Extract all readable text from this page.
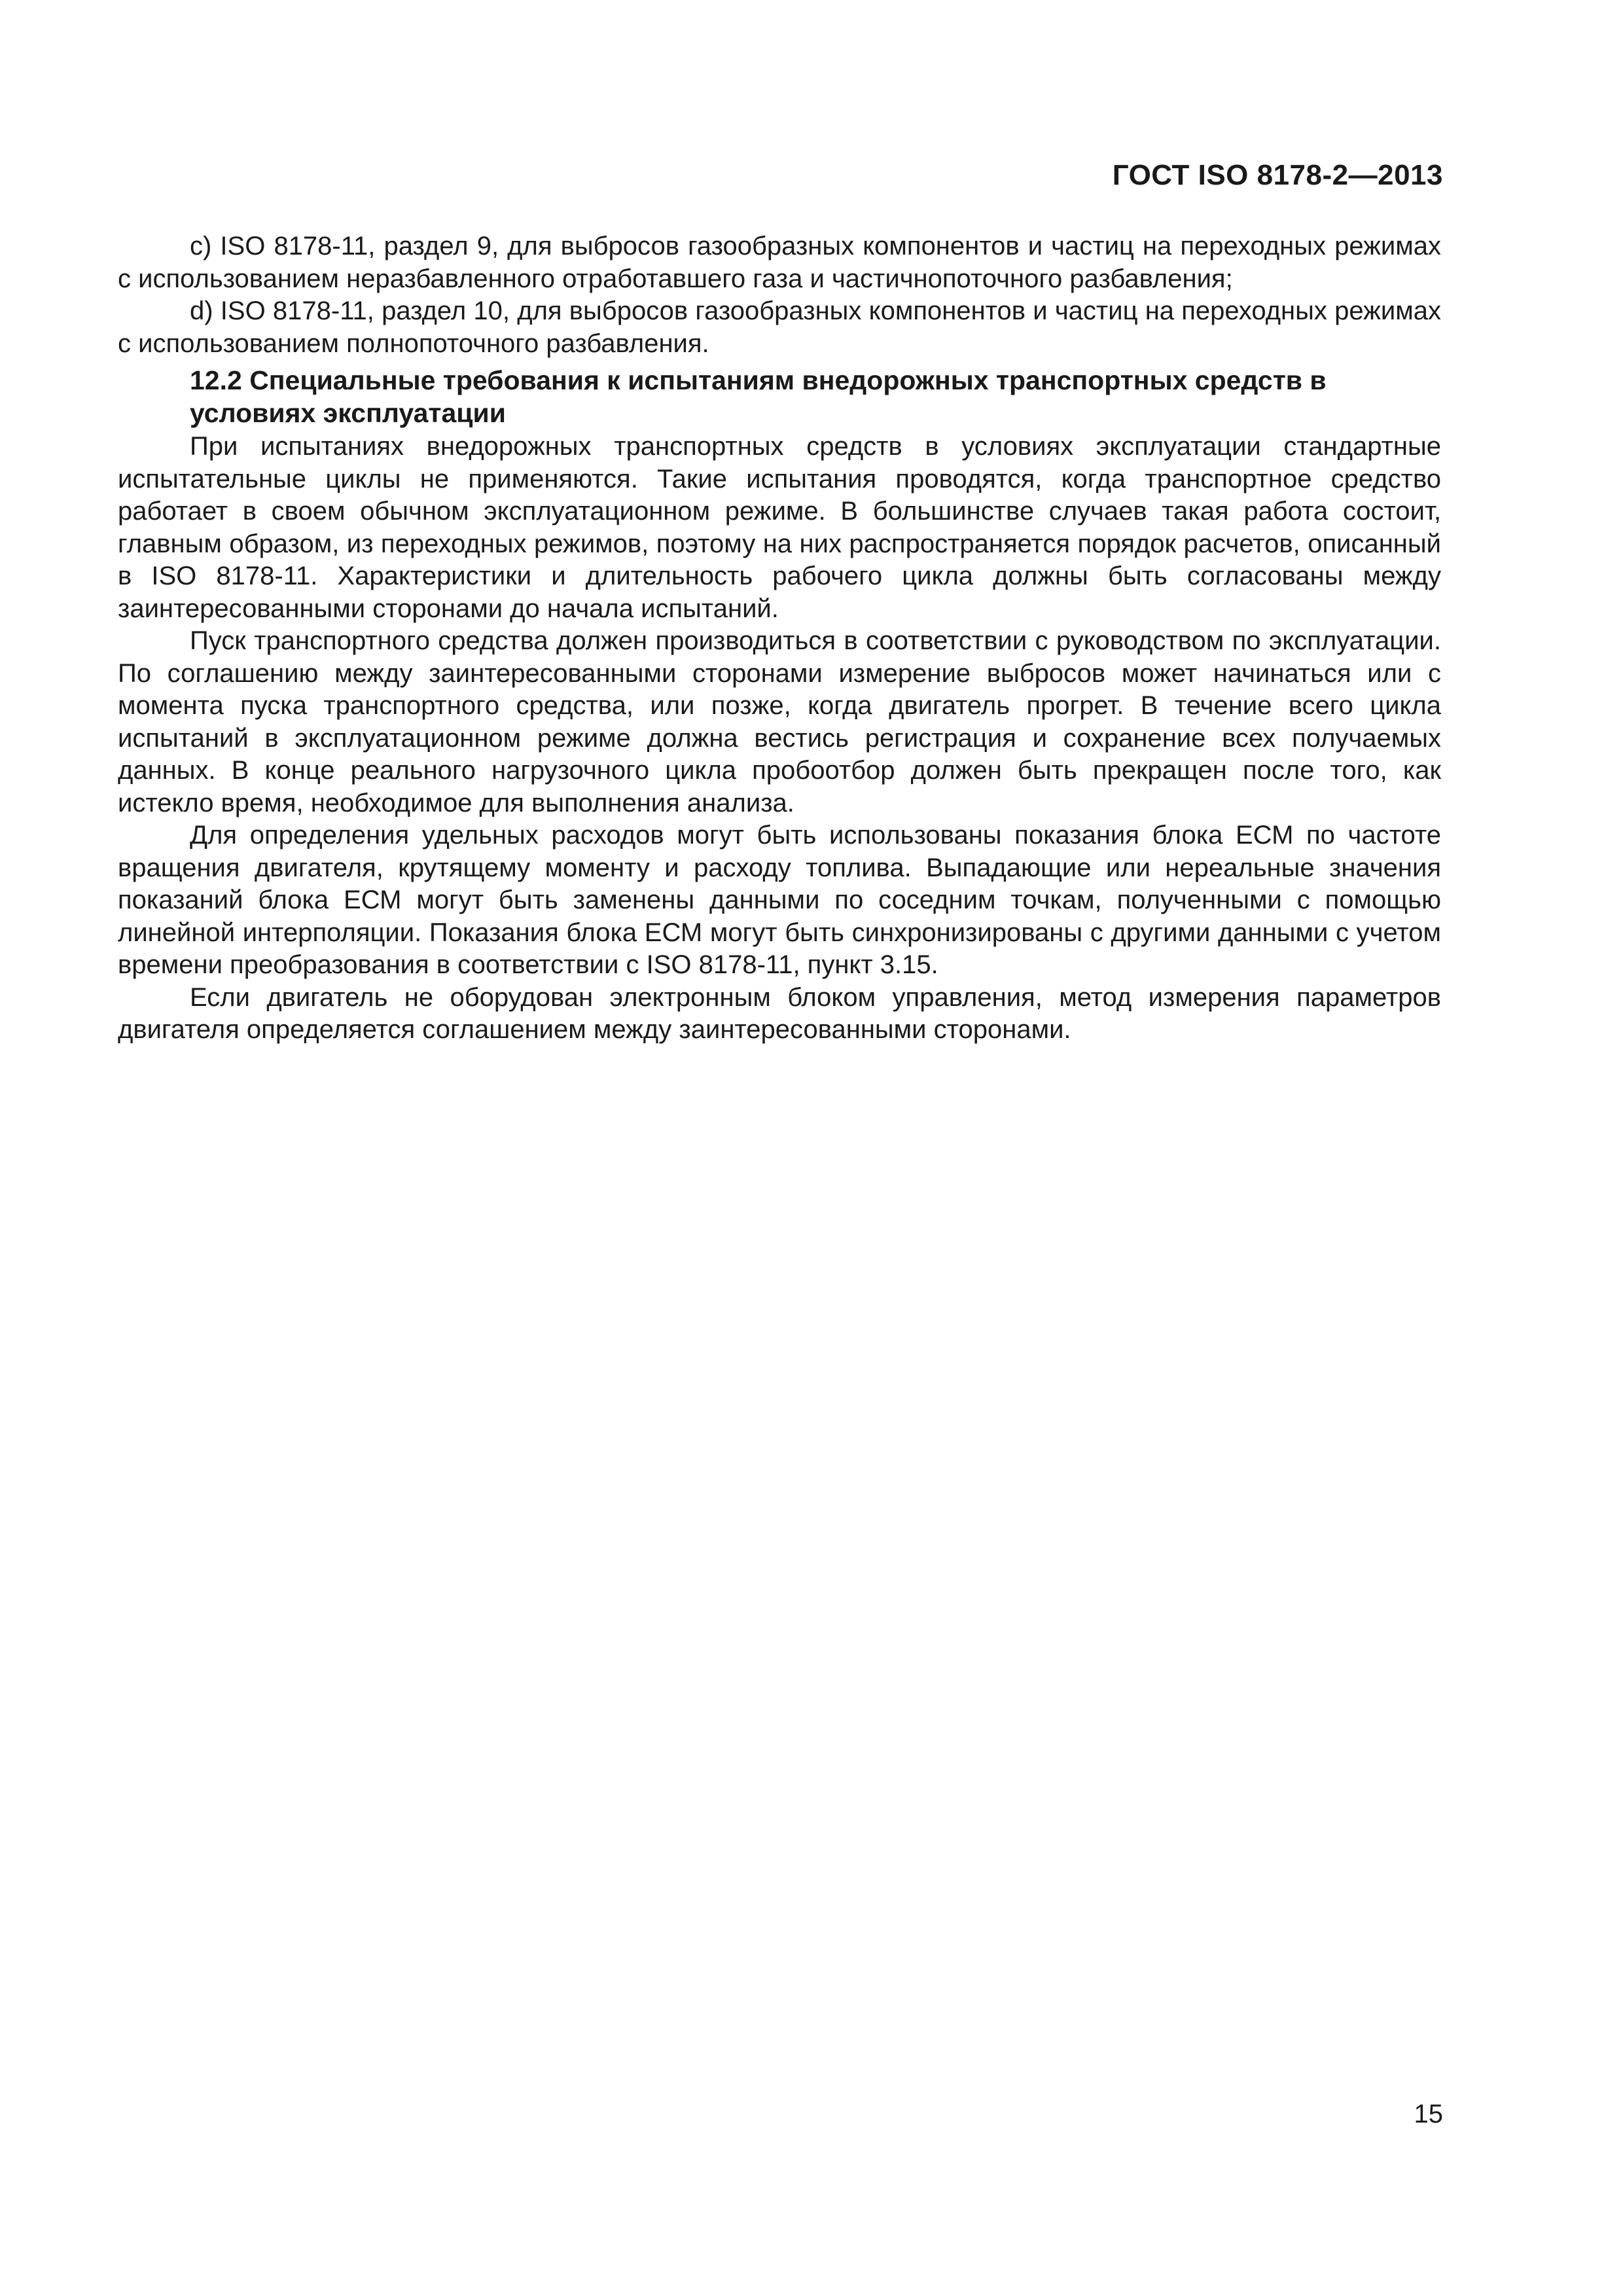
ГОСТ ISO 8178-2—2013

c) ISO 8178-11, раздел 9, для выбросов газообразных компонентов и частиц на переходных режимах с использованием неразбавленного отработавшего газа и частичнопоточного разбавления;

d) ISO 8178-11, раздел 10, для выбросов газообразных компонентов и частиц на переходных режимах с использованием полнопоточного разбавления.

12.2 Специальные требования к испытаниям внедорожных транспортных средств в условиях эксплуатации

При испытаниях внедорожных транспортных средств в условиях эксплуатации стандартные испытательные циклы не применяются. Такие испытания проводятся, когда транспортное средство работает в своем обычном эксплуатационном режиме. В большинстве случаев такая работа состоит, главным образом, из переходных режимов, поэтому на них распространяется порядок расчетов, описанный в ISO 8178-11. Характеристики и длительность рабочего цикла должны быть согласованы между заинтересованными сторонами до начала испытаний.

Пуск транспортного средства должен производиться в соответствии с руководством по эксплуатации. По соглашению между заинтересованными сторонами измерение выбросов может начинаться или с момента пуска транспортного средства, или позже, когда двигатель прогрет. В течение всего цикла испытаний в эксплуатационном режиме должна вестись регистрация и сохранение всех получаемых данных. В конце реального нагрузочного цикла пробоотбор должен быть прекращен после того, как истекло время, необходимое для выполнения анализа.

Для определения удельных расходов могут быть использованы показания блока ЕСМ по частоте вращения двигателя, крутящему моменту и расходу топлива. Выпадающие или нереальные значения показаний блока ЕСМ могут быть заменены данными по соседним точкам, полученными с помощью линейной интерполяции. Показания блока ЕСМ могут быть синхронизированы с другими данными с учетом времени преобразования в соответствии с ISO 8178-11, пункт 3.15.

Если двигатель не оборудован электронным блоком управления, метод измерения параметров двигателя определяется соглашением между заинтересованными сторонами.

15
